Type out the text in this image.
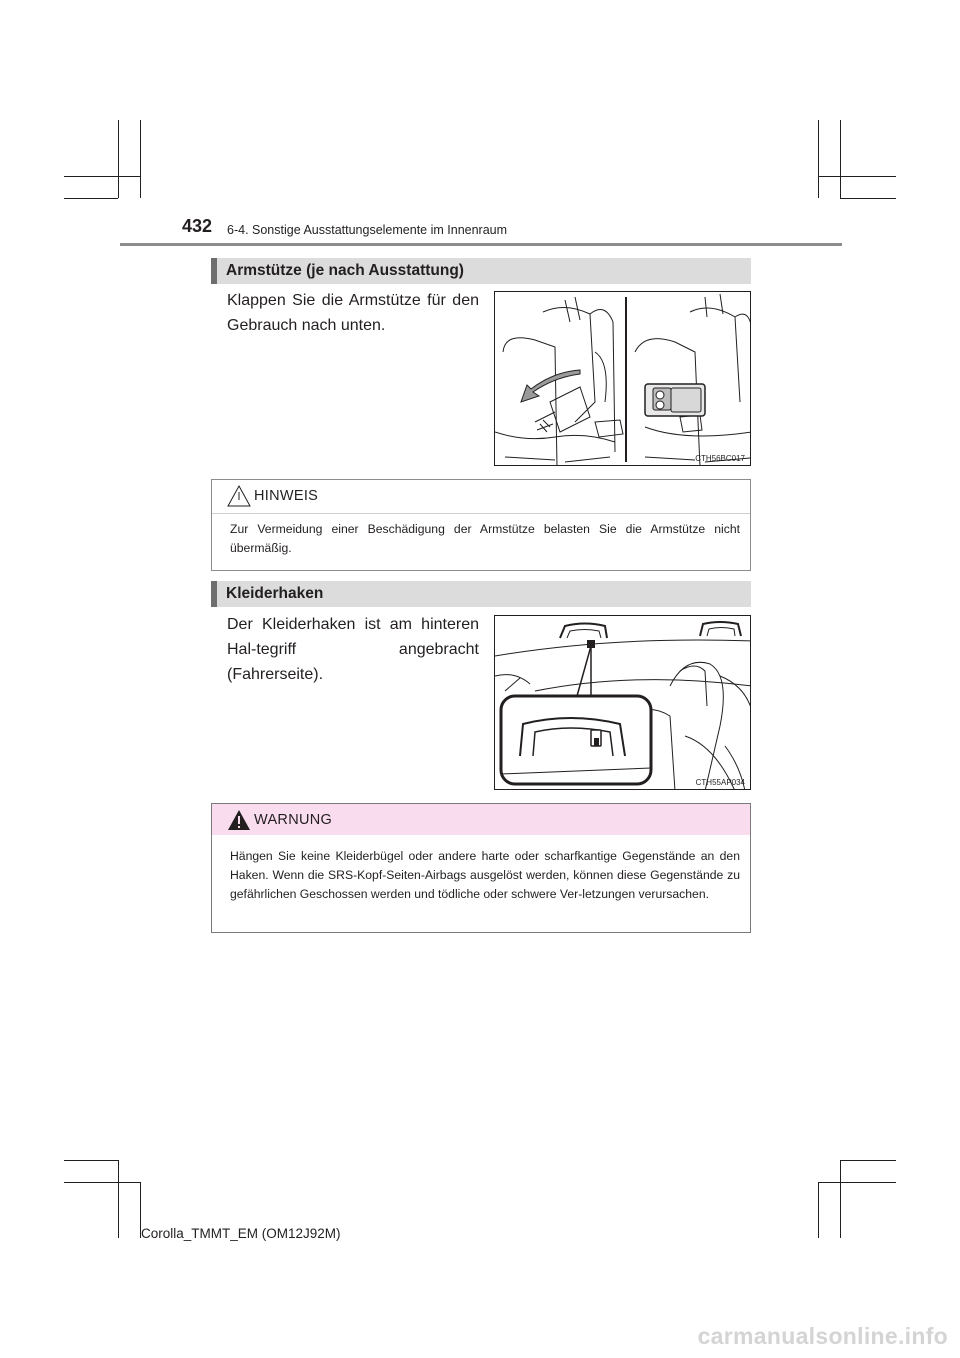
432 6-4. Sonstige Ausstattungselemente im Innenraum
Armstütze (je nach Ausstattung)
Klappen Sie die Armstütze für den Gebrauch nach unten.
CTH56BC017
HINWEIS
Zur Vermeidung einer Beschädigung der Armstütze belasten Sie die Armstütze nicht übermäßig.
Kleiderhaken
Der Kleiderhaken ist am hinteren Hal-tegriff angebracht (Fahrerseite).
CTH55AP034
WARNUNG
Hängen Sie keine Kleiderbügel oder andere harte oder scharfkantige Gegenstände an den Haken. Wenn die SRS-Kopf-Seiten-Airbags ausgelöst werden, können diese Gegenstände zu gefährlichen Geschossen werden und tödliche oder schwere Ver-letzungen verursachen.
Corolla_TMMT_EM (OM12J92M)
carmanualsonline.info
